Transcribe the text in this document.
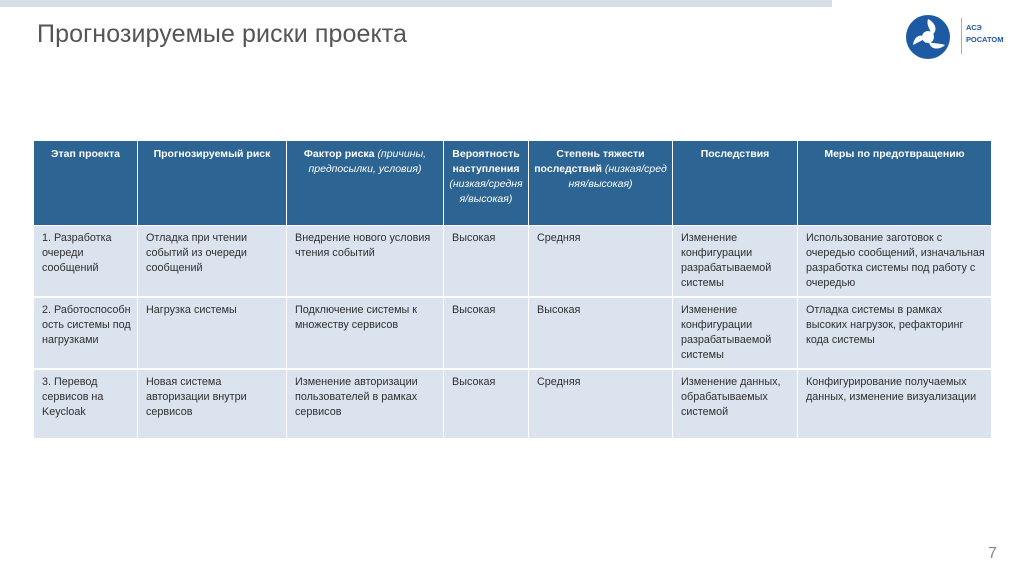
Прогнозируемые риски проекта	АСЭ
РОСАТОМ
Этап проекта	Прогнозируемый риск	Фактор риска (причины, предпосылки, условия)	Вероятность наступления (низкая/средняя/высокая)	Степень тяжести последствий (низкая/средняя/высокая)	Последствия	Меры по предотвращению
1. Разработка очереди сообщений	Отладка при чтении событий из очереди сообщений	Внедрение нового условия чтения событий	Высокая	Средняя	Изменение конфигурации разрабатываемой системы	Использование заготовок с очередью сообщений, изначальная разработка системы под работу с очередью
2. Работоспособность системы под нагрузками	Нагрузка системы	Подключение системы к множеству сервисов	Высокая	Высокая	Изменение конфигурации разрабатываемой системы	Отладка системы в рамках высоких нагрузок, рефакторинг кода системы
3. Перевод сервисов на Keycloak	Новая система авторизации внутри сервисов	Изменение авторизации пользователей в рамках сервисов	Высокая	Средняя	Изменение данных, обрабатываемых системой	Конфигурирование получаемых данных, изменение визуализации
7
